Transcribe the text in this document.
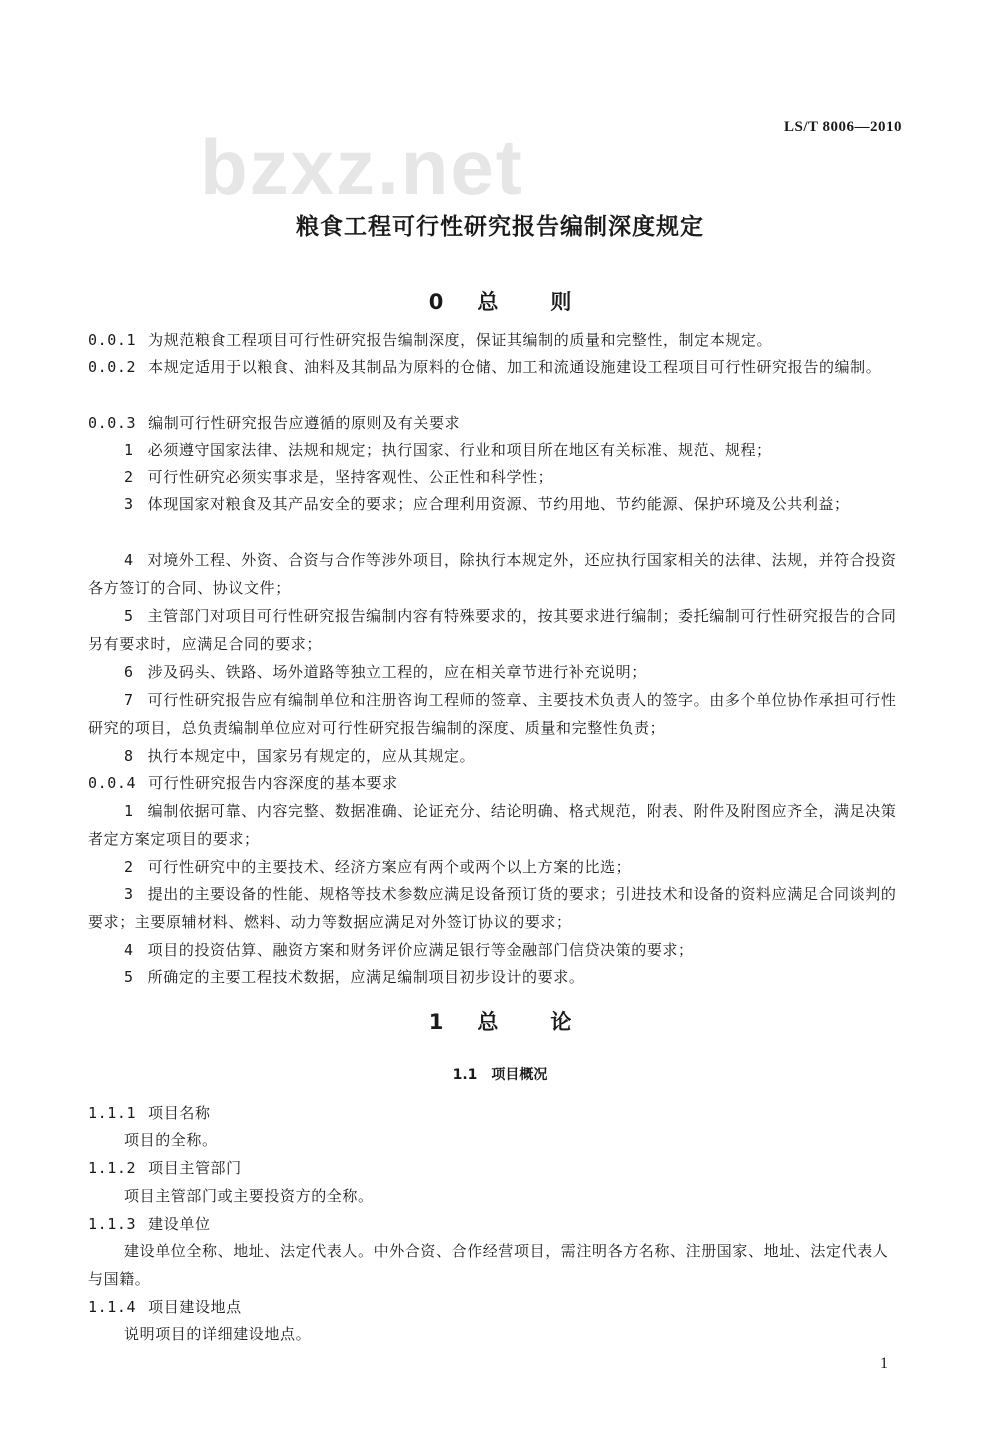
LS/T 8006—2010
bzxz.net
粮食工程可行性研究报告编制深度规定
0 总 则
0.0.1 为规范粮食工程项目可行性研究报告编制深度，保证其编制的质量和完整性，制定本规定。
0.0.2 本规定适用于以粮食、油料及其制品为原料的仓储、加工和流通设施建设工程项目可行性研究报告的编制。
0.0.3 编制可行性研究报告应遵循的原则及有关要求
1 必须遵守国家法律、法规和规定；执行国家、行业和项目所在地区有关标准、规范、规程；
2 可行性研究必须实事求是，坚持客观性、公正性和科学性；
3 体现国家对粮食及其产品安全的要求；应合理利用资源、节约用地、节约能源、保护环境及公共利益；
4 对境外工程、外资、合资与合作等涉外项目，除执行本规定外，还应执行国家相关的法律、法规，并符合投资各方签订的合同、协议文件；
5 主管部门对项目可行性研究报告编制内容有特殊要求的，按其要求进行编制；委托编制可行性研究报告的合同另有要求时，应满足合同的要求；
6 涉及码头、铁路、场外道路等独立工程的，应在相关章节进行补充说明；
7 可行性研究报告应有编制单位和注册咨询工程师的签章、主要技术负责人的签字。由多个单位协作承担可行性研究的项目，总负责编制单位应对可行性研究报告编制的深度、质量和完整性负责；
8 执行本规定中，国家另有规定的，应从其规定。
0.0.4 可行性研究报告内容深度的基本要求
1 编制依据可靠、内容完整、数据准确、论证充分、结论明确、格式规范，附表、附件及附图应齐全，满足决策者定方案定项目的要求；
2 可行性研究中的主要技术、经济方案应有两个或两个以上方案的比选；
3 提出的主要设备的性能、规格等技术参数应满足设备预订货的要求；引进技术和设备的资料应满足合同谈判的要求；主要原辅材料、燃料、动力等数据应满足对外签订协议的要求；
4 项目的投资估算、融资方案和财务评价应满足银行等金融部门信贷决策的要求；
5 所确定的主要工程技术数据，应满足编制项目初步设计的要求。
1 总 论
1.1 项目概况
1.1.1 项目名称
项目的全称。
1.1.2 项目主管部门
项目主管部门或主要投资方的全称。
1.1.3 建设单位
建设单位全称、地址、法定代表人。中外合资、合作经营项目，需注明各方名称、注册国家、地址、法定代表人与国籍。
1.1.4 项目建设地点
说明项目的详细建设地点。
1
